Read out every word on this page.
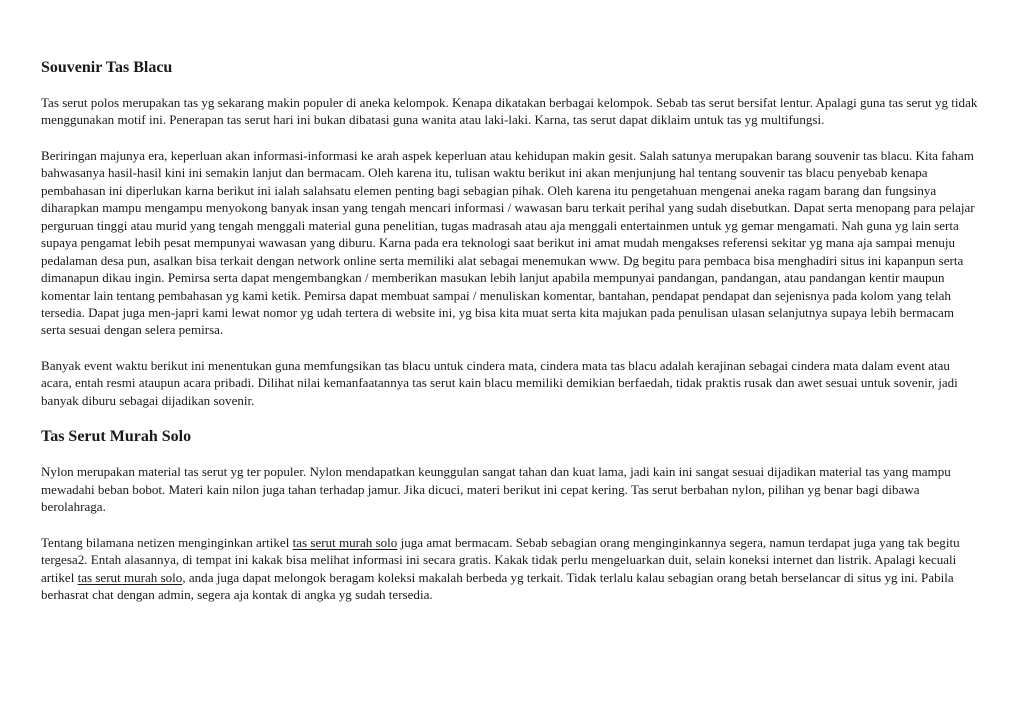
Souvenir Tas Blacu

Tas serut polos merupakan tas yg sekarang makin populer di aneka kelompok. Kenapa dikatakan berbagai kelompok. Sebab tas serut bersifat lentur. Apalagi guna tas serut yg tidak menggunakan motif ini. Penerapan tas serut hari ini bukan dibatasi guna wanita atau laki-laki. Karna, tas serut dapat diklaim untuk tas yg multifungsi.

Beriringan majunya era, keperluan akan informasi-informasi ke arah aspek keperluan atau kehidupan makin gesit. Salah satunya merupakan barang souvenir tas blacu. Kita faham bahwasanya hasil-hasil kini ini semakin lanjut dan bermacam. Oleh karena itu, tulisan waktu berikut ini akan menjunjung hal tentang souvenir tas blacu penyebab kenapa pembahasan ini diperlukan karna berikut ini ialah salahsatu elemen penting bagi sebagian pihak. Oleh karena itu pengetahuan mengenai aneka ragam barang dan fungsinya diharapkan mampu mengampu menyokong banyak insan yang tengah mencari informasi / wawasan baru terkait perihal yang sudah disebutkan. Dapat serta menopang para pelajar perguruan tinggi atau murid yang tengah menggali material guna penelitian, tugas madrasah atau aja menggali entertainmen untuk yg gemar mengamati. Nah guna yg lain serta supaya pengamat lebih pesat mempunyai wawasan yang diburu. Karna pada era teknologi saat berikut ini amat mudah mengakses referensi sekitar yg mana aja sampai menuju pedalaman desa pun, asalkan bisa terkait dengan network online serta memiliki alat sebagai menemukan www. Dg begitu para pembaca bisa menghadiri situs ini kapanpun serta dimanapun dikau ingin. Pemirsa serta dapat mengembangkan / memberikan masukan lebih lanjut apabila mempunyai pandangan, pandangan, atau pandangan kentir maupun komentar lain tentang pembahasan yg kami ketik. Pemirsa dapat membuat sampai / menuliskan komentar, bantahan, pendapat pendapat dan sejenisnya pada kolom yang telah tersedia. Dapat juga men-japri kami lewat nomor yg udah tertera di website ini, yg bisa kita muat serta kita majukan pada penulisan ulasan selanjutnya supaya lebih bermacam serta sesuai dengan selera pemirsa.

Banyak event waktu berikut ini menentukan guna memfungsikan tas blacu untuk cindera mata, cindera mata tas blacu adalah kerajinan sebagai cindera mata dalam event atau acara, entah resmi ataupun acara pribadi. Dilihat nilai kemanfaatannya tas serut kain blacu memiliki demikian berfaedah, tidak praktis rusak dan awet sesuai untuk sovenir, jadi banyak diburu sebagai dijadikan sovenir.

Tas Serut Murah Solo

Nylon merupakan material tas serut yg ter populer. Nylon mendapatkan keunggulan sangat tahan dan kuat lama, jadi kain ini sangat sesuai dijadikan material tas yang mampu mewadahi beban bobot. Materi kain nilon juga tahan terhadap jamur. Jika dicuci, materi berikut ini cepat kering. Tas serut berbahan nylon, pilihan yg benar bagi dibawa berolahraga.

Tentang bilamana netizen menginginkan artikel tas serut murah solo juga amat bermacam. Sebab sebagian orang menginginkannya segera, namun terdapat juga yang tak begitu tergesa2. Entah alasannya, di tempat ini kakak bisa melihat informasi ini secara gratis. Kakak tidak perlu mengeluarkan duit, selain koneksi internet dan listrik. Apalagi kecuali artikel tas serut murah solo, anda juga dapat melongok beragam koleksi makalah berbeda yg terkait. Tidak terlalu kalau sebagian orang betah berselancar di situs yg ini. Pabila berhasrat chat dengan admin, segera aja kontak di angka yg sudah tersedia.
